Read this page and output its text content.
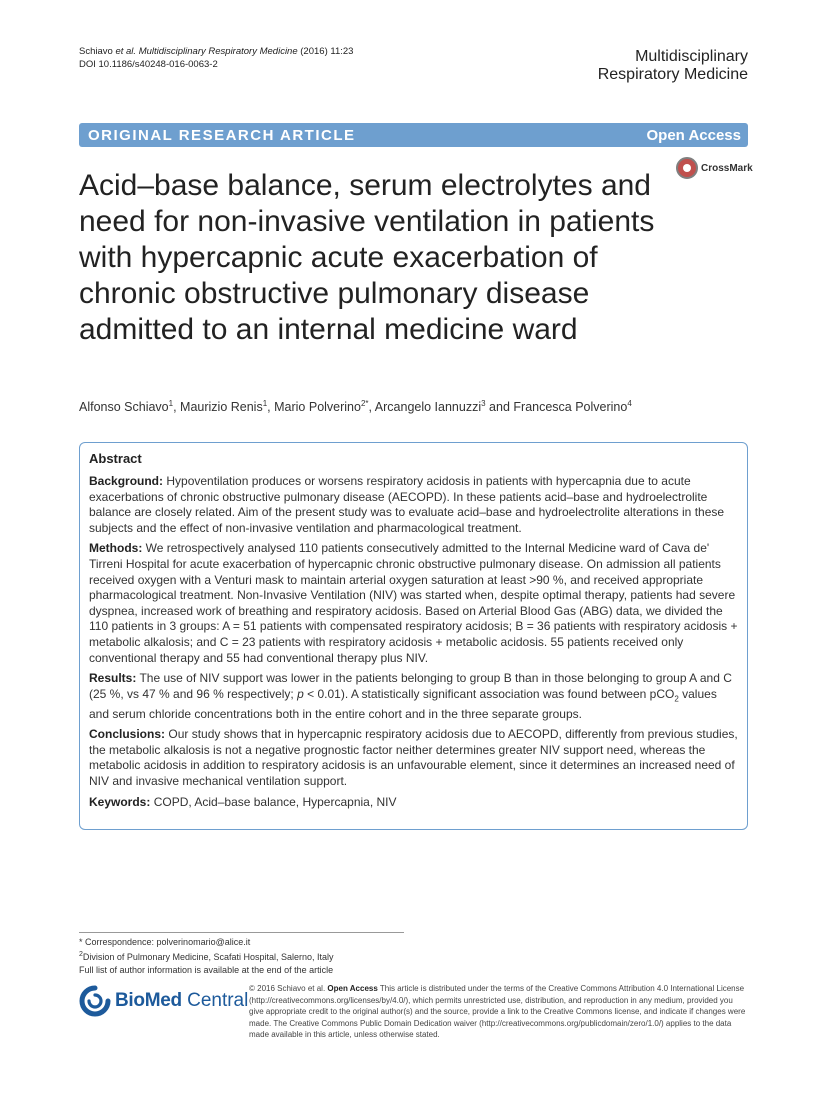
Schiavo et al. Multidisciplinary Respiratory Medicine (2016) 11:23
DOI 10.1186/s40248-016-0063-2	Multidisciplinary
Respiratory Medicine
ORIGINAL RESEARCH ARTICLE	Open Access
CrossMark
Acid–base balance, serum electrolytes and need for non-invasive ventilation in patients with hypercapnic acute exacerbation of chronic obstructive pulmonary disease admitted to an internal medicine ward
Alfonso Schiavo$^1$, Maurizio Renis$^1$, Mario Polverino$^{2*}$, Arcangelo Iannuzzi$^3$ and Francesca Polverino$^4$
Abstract

Background: Hypoventilation produces or worsens respiratory acidosis in patients with hypercapnia due to acute exacerbations of chronic obstructive pulmonary disease (AECOPD). In these patients acid–base and hydroelectrolite balance are closely related. Aim of the present study was to evaluate acid–base and hydroelectrolite alterations in these subjects and the effect of non-invasive ventilation and pharmacological treatment.

Methods: We retrospectively analysed 110 patients consecutively admitted to the Internal Medicine ward of Cava de' Tirreni Hospital for acute exacerbation of hypercapnic chronic obstructive pulmonary disease. On admission all patients received oxygen with a Venturi mask to maintain arterial oxygen saturation at least >90 %, and received appropriate pharmacological treatment. Non-Invasive Ventilation (NIV) was started when, despite optimal therapy, patients had severe dyspnea, increased work of breathing and respiratory acidosis. Based on Arterial Blood Gas (ABG) data, we divided the 110 patients in 3 groups: A = 51 patients with compensated respiratory acidosis; B = 36 patients with respiratory acidosis + metabolic alkalosis; and C = 23 patients with respiratory acidosis + metabolic acidosis. 55 patients received only conventional therapy and 55 had conventional therapy plus NIV.

Results: The use of NIV support was lower in the patients belonging to group B than in those belonging to group A and C (25 %, vs 47 % and 96 % respectively; p < 0.01). A statistically significant association was found between pCO$_2$ values and serum chloride concentrations both in the entire cohort and in the three separate groups.

Conclusions: Our study shows that in hypercapnic respiratory acidosis due to AECOPD, differently from previous studies, the metabolic alkalosis is not a negative prognostic factor neither determines greater NIV support need, whereas the metabolic acidosis in addition to respiratory acidosis is an unfavourable element, since it determines an increased need of NIV and invasive mechanical ventilation support.

Keywords: COPD, Acid–base balance, Hypercapnia, NIV

* Correspondence: polverinomario@alice.it
$^2$Division of Pulmonary Medicine, Scafati Hospital, Salerno, Italy
Full list of author information is available at the end of the article
BioMed Central
© 2016 Schiavo et al. Open Access This article is distributed under the terms of the Creative Commons Attribution 4.0 International License (http://creativecommons.org/licenses/by/4.0/), which permits unrestricted use, distribution, and reproduction in any medium, provided you give appropriate credit to the original author(s) and the source, provide a link to the Creative Commons license, and indicate if changes were made. The Creative Commons Public Domain Dedication waiver (http://creativecommons.org/publicdomain/zero/1.0/) applies to the data made available in this article, unless otherwise stated.
